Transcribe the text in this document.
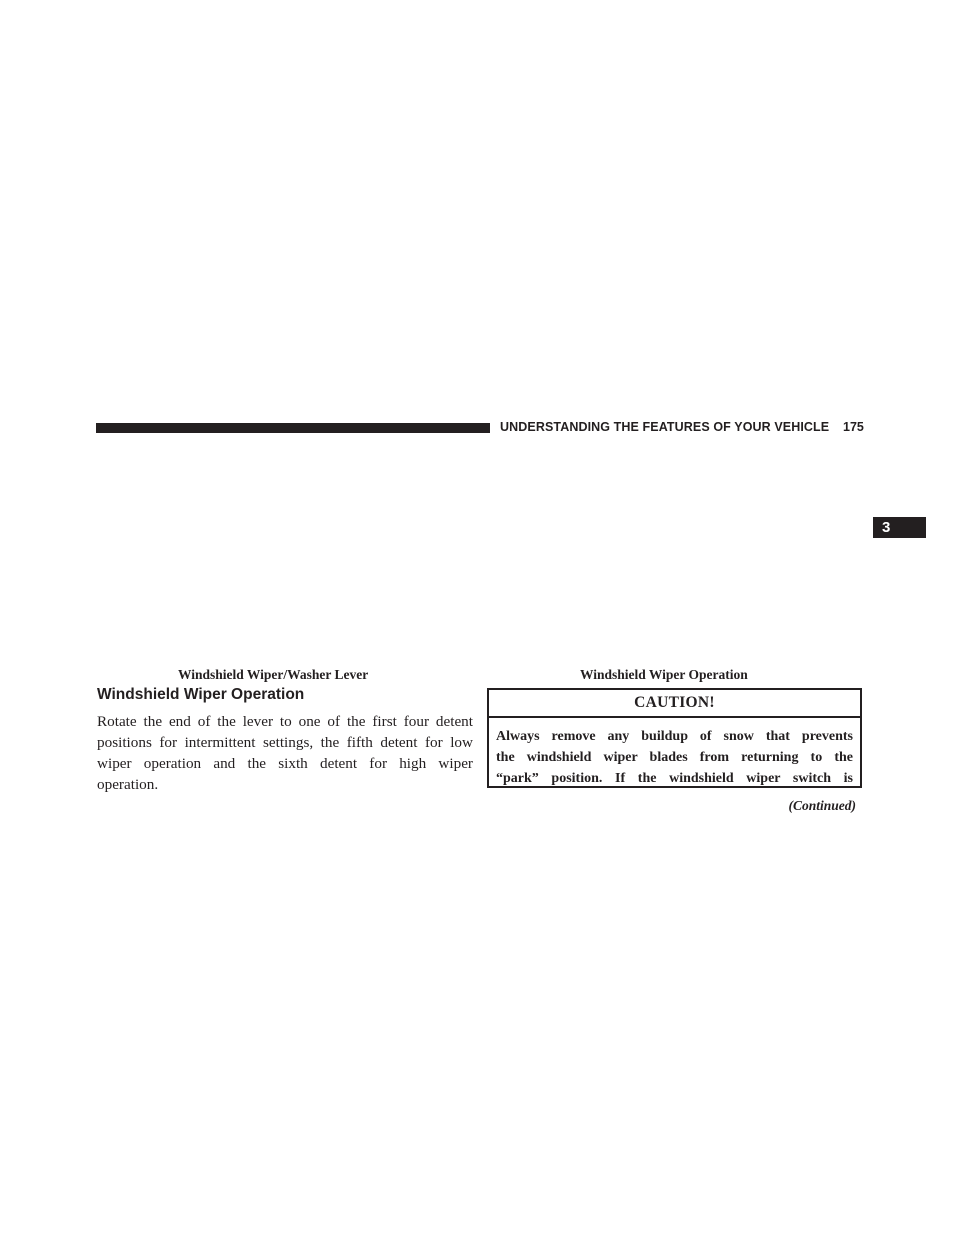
UNDERSTANDING THE FEATURES OF YOUR VEHICLE 175
3
Windshield Wiper/Washer Lever	Windshield Wiper Operation
Windshield Wiper Operation
Rotate the end of the lever to one of the first four detent
positions for intermittent settings, the fifth detent for low
wiper operation and the sixth detent for high wiper
operation.
CAUTION!
Always remove any buildup of snow that prevents
the windshield wiper blades from returning to the
“park” position. If the windshield wiper switch is
(Continued)
